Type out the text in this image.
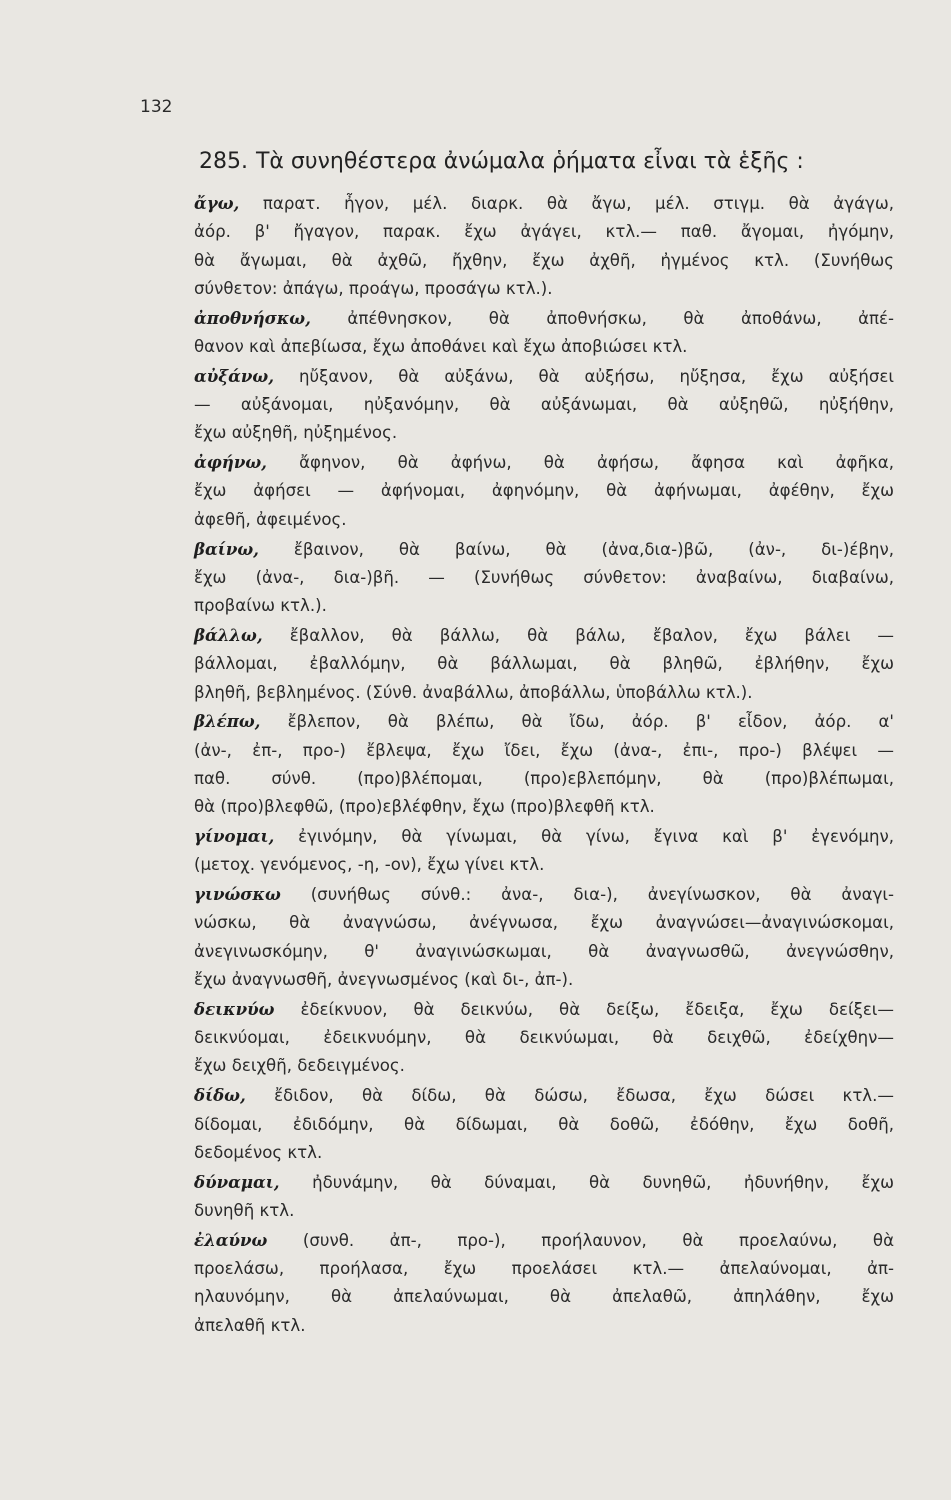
132
285. Τὰ συνηθέστερα ἀνώμαλα ῥήματα εἶναι τὰ ἑξῆς :
ἄγω, παρατ. ἦγον, μέλ. διαρκ. θὰ ἄγω, μέλ. στιγμ. θὰ ἀγάγω,
ἀόρ. β' ἤγαγον, παρακ. ἔχω ἀγάγει, κτλ.— παθ. ἄγομαι, ἠγόμην,
θὰ ἄγωμαι, θὰ ἀχθῶ, ἤχθην, ἔχω ἀχθῆ, ἠγμένος κτλ. (Συνήθως
σύνθετον: ἀπάγω, προάγω, προσάγω κτλ.).
ἀποθνήσκω, ἀπέθνησκον, θὰ ἀποθνήσκω, θὰ ἀποθάνω, ἀπέ-
θανον καὶ ἀπεβίωσα, ἔχω ἀποθάνει καὶ ἔχω ἀποβιώσει κτλ.
αὐξάνω, ηὔξανον, θὰ αὐξάνω, θὰ αὐξήσω, ηὔξησα, ἔχω αὐξήσει
— αὐξάνομαι, ηὐξανόμην, θὰ αὐξάνωμαι, θὰ αὐξηθῶ, ηὐξήθην,
ἔχω αὐξηθῆ, ηὐξημένος.
ἀφήνω, ἄφηνον, θὰ ἀφήνω, θὰ ἀφήσω, ἄφησα καὶ ἀφῆκα,
ἔχω ἀφήσει — ἀφήνομαι, ἀφηνόμην, θὰ ἀφήνωμαι, ἀφέθην, ἔχω
ἀφεθῆ, ἀφειμένος.
βαίνω, ἔβαινον, θὰ βαίνω, θὰ (ἀνα,δια-)βῶ, (ἀν-, δι-)έβην,
ἔχω (ἀνα-, δια-)βῆ. — (Συνήθως σύνθετον: ἀναβαίνω, διαβαίνω,
προβαίνω κτλ.).
βάλλω, ἔβαλλον, θὰ βάλλω, θὰ βάλω, ἔβαλον, ἔχω βάλει —
βάλλομαι, ἐβαλλόμην, θὰ βάλλωμαι, θὰ βληθῶ, ἐβλήθην, ἔχω
βληθῆ, βεβλημένος. (Σύνθ. ἀναβάλλω, ἀποβάλλω, ὑποβάλλω κτλ.).
βλέπω, ἔβλεπον, θὰ βλέπω, θὰ ἴδω, ἀόρ. β' εἶδον, ἀόρ. α'
(ἀν-, ἐπ-, προ-) ἔβλεψα, ἔχω ἴδει, ἔχω (ἀνα-, ἐπι-, προ-) βλέψει —
παθ. σύνθ. (προ)βλέπομαι, (προ)εβλεπόμην, θὰ (προ)βλέπωμαι,
θὰ (προ)βλεφθῶ, (προ)εβλέφθην, ἔχω (προ)βλεφθῆ κτλ.
γίνομαι, ἐγινόμην, θὰ γίνωμαι, θὰ γίνω, ἔγινα καὶ β' ἐγενόμην,
(μετοχ. γενόμενος, -η, -ον), ἔχω γίνει κτλ.
γινώσκω (συνήθως σύνθ.: ἀνα-, δια-), ἀνεγίνωσκον, θὰ ἀναγι-
νώσκω, θὰ ἀναγνώσω, ἀνέγνωσα, ἔχω ἀναγνώσει—ἀναγινώσκομαι,
ἀνεγινωσκόμην, θ' ἀναγινώσκωμαι, θὰ ἀναγνωσθῶ, ἀνεγνώσθην,
ἔχω ἀναγνωσθῆ, ἀνεγνωσμένος (καὶ δι-, ἀπ-).
δεικνύω ἐδείκνυον, θὰ δεικνύω, θὰ δείξω, ἔδειξα, ἔχω δείξει—
δεικνύομαι, ἐδεικνυόμην, θὰ δεικνύωμαι, θὰ δειχθῶ, ἐδείχθην—
ἔχω δειχθῆ, δεδειγμένος.
δίδω, ἔδιδον, θὰ δίδω, θὰ δώσω, ἔδωσα, ἔχω δώσει κτλ.—
δίδομαι, ἐδιδόμην, θὰ δίδωμαι, θὰ δοθῶ, ἐδόθην, ἔχω δοθῆ,
δεδομένος κτλ.
δύναμαι, ἠδυνάμην, θὰ δύναμαι, θὰ δυνηθῶ, ἠδυνήθην, ἔχω
δυνηθῆ κτλ.
ἐλαύνω (συνθ. ἀπ-, προ-), προήλαυνον, θὰ προελαύνω, θὰ
προελάσω, προήλασα, ἔχω προελάσει κτλ.— ἀπελαύνομαι, ἀπ-
ηλαυνόμην, θὰ ἀπελαύνωμαι, θὰ ἀπελαθῶ, ἀπηλάθην, ἔχω
ἀπελαθῆ κτλ.
